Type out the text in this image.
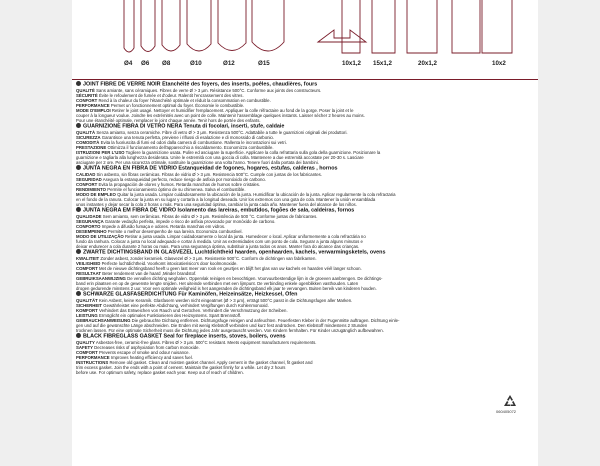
Ø4 Ø6 Ø8	Ø10	Ø12	Ø15	10x1,2 15x1,2	20x1,2	10x2
JOINT FIBRE DE VERRE NOIR Étanchéité des foyers, des inserts, poêles, chaudières, fours
QUALITÉ Sans amiante, sans céramiques. Fibres de verre Ø > 3 µm. Résistance 500°C. Conforme aux joints des constructeurs.
SÉCURITÉ Évite le refoulement de fumée et d'odeur. Ralentit l'encrassement des vitres.
CONFORT Rend à la chaleur du foyer l'étanchéité optimale et réduit la consommation en combustible.
PERFORMANCE Permet un fonctionnement optimal du foyer. Économie le combustible.
MODE D'EMPLOI Retirer le joint usagé. Nettoyer et humidifier l'emplacement. Appliquer la colle réfractaire au fond de la gorge. Poser la joint et le
couper à la longueur voulue. Joindre les extrémités avec un point de colle. Maintenir l'assemblage quelques instants. Laisser sécher 2 heures au moins.
Pour une étanchéité optimale, remplacer le joint chaque année. Tenir hors de portée des enfants.
GUARNIZIONE FIBRA DI VETRO NERA Tenuta di focolari, inserti, stufe, caldaie
QUALITÀ Senza amianto, senza ceramiche. Fibre di vetro Ø > 3 µm. Resistenza 500°C. Adattabile a tutte le guarnizioni originali dei produttori.
SICUREZZA Garantisce una tenuta perfetta, previene i riflussi di esalazione e di monossido di carbonio.
COMODITÀ Evita la fuoriuscita di fumi ed odori dalla camera di combustione. Rallenta le incrostazioni sui vetri.
PRESTAZIONE Ottimizza il funzionamento dell'apparecchio a riscaldamento. Economizza combustibile.
ISTRUZIONI PER L'USO Togliere la guarnizione usata. Pulire ed asciugare la superficie. Applicare la colla refrattaria sulla gola della guarnizione. Posizionare la
guarnizione e tagliarla alla lunghezza desiderata. Unire le estremità con una goccia di colla. Mantenere a due estremità accostate per 20-30 s. Lasciare
asciugare per 2 ore. Per una sicurezza ottimale, sostituire la guarnizione una volta l'anno. Tenere fuori dalla portata dei bambini.
JUNTA NEGRA EN FIBRA DE VIDRIO Estanqueidad de fogones, hogares, estufas, calderas , hornos
CALIDAD Sin asbesto, sin fibras cerámicas. Fibras de vidrio Ø > 3 µm. Resistencia 500°C. Cumple con juntas de los fabricantes.
SEGURIDAD Asegura la estanqueidad perfecto, reduce riesgo de asfixia por monóxido de carbono.
CONFORT Evita la propagación de olores y humos. Retarda manchas de humos sobre cristales.
RENDIMIENTO Permite el funcionamiento óptimo de su chimenea. Salva el combustible.
MODO DE EMPLEO Quitar la junta usada. Limpiar cuidadosamente la ubicación de la junta. Humidificar la ubicación de la junta. Aplicar regularmente la cola refractaria
en el fondo de la ranura. Colocar la junta en su lugar y cortarla a la longitud deseada. Unir los extremos con una gota de cola. Mantener la unión ensamblada
unos instantes y dejar secar la cola 2 horas o más. Para una seguridad óptima, cambiar la junta cada año. Mantener fuera del alcance de los niños.
JUNTA NEGRA EM FIBRA DE VIDRO Isolamento das lareiras, embutidos, fogões de sala, caldeiras, fornos
QUALIDADE Sem amianto, sem cerâmicas. Fibras de vidro Ø > 3 µm. Resistência de 500 °C. Conforme juntas de fabricantes.
SEGURANÇA Garante vedação perfeita, impede o risco de asfixia provocado por monóxido de carbono.
CONFORTO Impede a difusão fumaça e odores. Retarda manchas em vidros.
DESEMPENHO Permite o melhor desempenho de sua lareira. Economiza combustível.
MODO DE UTILIZAÇÃO Retirar a junta usada. Limpar cuidadosamente o local da junta. Humedecer o local. Aplicar uniformemente a cola refractária no
fundo da ranhura. Colocar a junta no local adequado e cortar à medida. Unir as extremidades com um ponto de cola. Segurar a junta alguns minutos e
deixar endurecer a cola durante 2 horas ou mais. Para uma segurança óptima, substituir a junta todos os anos. Manter fora do alcance das crianças.
ZWARTE DICHTINGSBAND IN GLASVEZEL Luchtdichtheid haarden, openhaarden, kachels, verwarmingsketels, ovens
KWALITEIT Zonder asbest, zonder keramiek. Glasvezel Ø > 3 µm. Resistentie 500°C. Conform de dichtingen van fabrikanten.
VEILIGHEID Perfecte luchtdichtheid. Voorkomt intoxicatierisico's door koolmonoxide.
COMFORT Met de nieuwe dichtingsband heeft u geen last meer van rook en geurtjes en blijft het glas van uw kachels en haarden véél langer schoon.
RESULTAAT Beter rendement van de haard ,Minder brandstof.
GEBRUIKSAANWIJZING De vervallen dichting weghalen. Oppervlak reinigen en bevochtigen. Voorvuurbestendige lijm in de groeven aanbrengen. De dichtings-
band erin plaatsen en op de gewenste lengte snijden. Het uiteinde verbinden met een lijmpunt. De verbinding enkele ogenblikken vasthouden. Laten
drogen gedurende minstens 2 uur. Voor een optimale veiligheid is het aangeraden de dichtingsband elk jaar te vervangen. Buiten bereik van kinderen houden.
SCHWARZE GLASFASERDICHTUNG Für Kaminöfen, Heizeinsätze, Heizkessel, Öfen
QUALITÄT Kein Asbest, keine Keramik. Glasfasern werden nicht eingeatmet (Ø > 3 µm), erträgt 500°C passt in die Dichtungsfugen aller Marken.
SICHERHEIT Gewährleistet eine perfekte Abdichtung, verhindert Vergiftungen durch Kohlenmonoxid.
KOMFORT Verhindert das Entweichen von Rauch und Gerüchen. Verhindert die Verschmutzung der Scheiben.
LEISTUNG Ermöglicht ein optimales Funktionieren des Heizsystems. Spart Brennstoff.
GEBRAUCHSANWEISUNG Die gebrauchte Dichtung entfernen. Dichtungsfuge reinigen und anfeuchten. Feuerfesten Kleber in der Fugenmitte auftragen. Dichtung einle-
gen und auf die gewünschte Länge abschneiden. Die Enden mit wenig Klebstoff verbinden und kurz fest andrücken. Den Klebstoff mindestens 2 Stunden
trocknen lassen. Für eine optimale Sicherheit muss die Dichtung jedes Jahr ausgetauscht werden. Von Kindern fernhalten. Für Kinder unzugänglich aufbewahren.
BLACK FIBREGLASS GASKET Seal for fireplace inserts, stoves, boilers, ovens
QUALITY Asbestos-free, ceramic-free glass. Fibres Ø > 3 µm. 500°C resistant. Meets equipment manufacturers requirements.
SAFETY Decreases risks of asphyxiation from carbon monoxide.
COMFORT Prevents escape of smoke and odour nuisance.
PERFORMANCE Improves heating efficiency and saves fuel.
INSTRUCTIONS Remove old gasket. Clean and moisten gasket channel. Apply cement in the gasket channel, fit gasket and
trim excess gasket. Join the ends with a point of cement. Maintain the gasket firmly for a while. Let dry 2 hours
before use. For optimum safety, replace gasket each year. Keep out of reach of children.
060405072
